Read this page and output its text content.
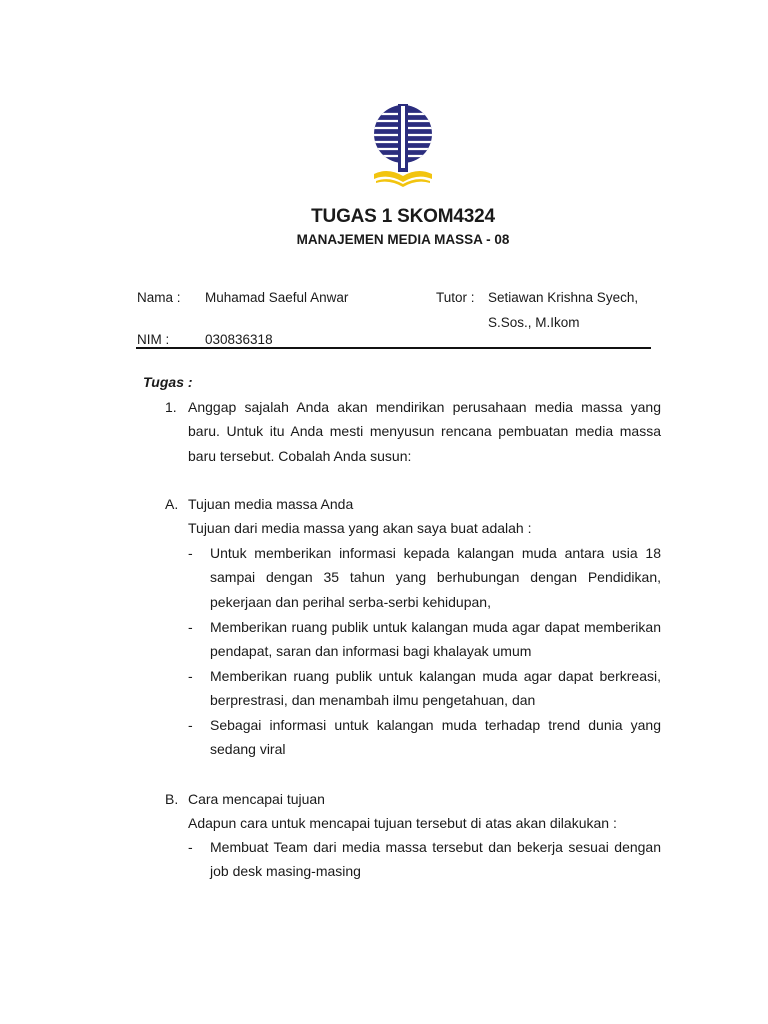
TUGAS 1 SKOM4324
MANAJEMEN MEDIA MASSA - 08
Nama : Muhamad Saeful Anwar	Tutor : Setiawan Krishna Syech,
S.Sos., M.Ikom
NIM :	030836318
Tugas :
1. Anggap sajalah Anda akan mendirikan perusahaan media massa yang baru. Untuk itu Anda mesti menyusun rencana pembuatan media massa baru tersebut. Cobalah Anda susun:
A. Tujuan media massa Anda
Tujuan dari media massa yang akan saya buat adalah :
-	Untuk memberikan informasi kepada kalangan muda antara usia 18 sampai dengan 35 tahun yang berhubungan dengan Pendidikan, pekerjaan dan perihal serba-serbi kehidupan,
-	Memberikan ruang publik untuk kalangan muda agar dapat memberikan pendapat, saran dan informasi bagi khalayak umum
-	Memberikan ruang publik untuk kalangan muda agar dapat berkreasi, berprestrasi, dan menambah ilmu pengetahuan, dan
-	Sebagai informasi untuk kalangan muda terhadap trend dunia yang sedang viral
B. Cara mencapai tujuan
Adapun cara untuk mencapai tujuan tersebut di atas akan dilakukan :
-	Membuat Team dari media massa tersebut dan bekerja sesuai dengan job desk masing-masing
